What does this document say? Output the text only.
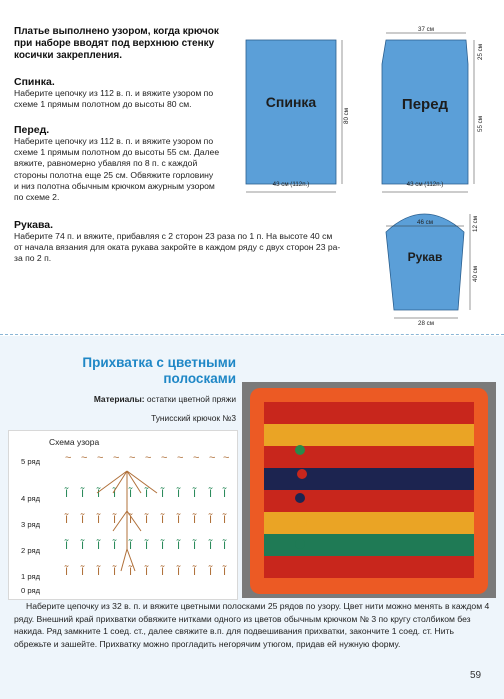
Платье выполнено узором, когда крючок
при наборе вводят под верхнюю стенку
косички закрепления.

Спинка.

Наберите цепочку из 112 в. п. и вяжите узором по

схеме 1 прямым полотном до высоты 80 см.

Перед.

Наберите цепочку из 112 в. п. и вяжите узором по

схеме 1 прямым полотном до высоты 55 см. Далее

вяжите, равномерно убавляя по 8 п. с каждой

стороны полотна еще 25 см. Обвяжите горловину

и низ полотна обычным крючком ажурным узором

по схеме 2.

Рукава.

Наберите 74 п. и вяжите, прибавляя с 2 сторон 23 раза по 1 п. На высоте 40 см

от начала вязания для оката рукава закройте в каждом ряду с двух сторон 23 ра-

за по 2 п.

Спинка
80 см
43 см (112п.)
Перед
37 см
25 см
55 см
43 см (112п.)
Рукав
46 см	12 см
40 см
28 см
Прихватка с цветными
полосками
Материалы: остатки цветной пряжи
Тунисский крючок №3
Схема узора
5 ряд
4 ряд
3 ряд
2 ряд
1 ряд
0 ряд
~ ~ ~ ~ ~ ~ ~ ~ ~ ~ ~
Ĩ Ĩ Ĩ Ĩ Ĩ Ĩ Ĩ Ĩ Ĩ Ĩ Ĩ
Ĩ Ĩ Ĩ Ĩ Ĩ Ĩ Ĩ Ĩ Ĩ Ĩ Ĩ
Ĩ Ĩ Ĩ Ĩ Ĩ Ĩ Ĩ Ĩ Ĩ Ĩ Ĩ
Ĩ Ĩ Ĩ Ĩ Ĩ Ĩ Ĩ Ĩ Ĩ Ĩ Ĩ
Наберите цепочку из 32 в. п. и вяжите цветными полосками 25 рядов по узору. Цвет нити можно менять в каждом 4 ряду. Внешний край прихватки обвяжите нитками одного из цветов обычным крючком № 3 по кругу столбиком без накида. Ряд замкните 1 соед. ст., далее свяжите в.п. для подвешивания прихватки, закончите 1 соед. ст. Нить обрежьте и зашейте. Прихватку можно прогладить негорячим утюгом, придав ей нужную форму.
59
